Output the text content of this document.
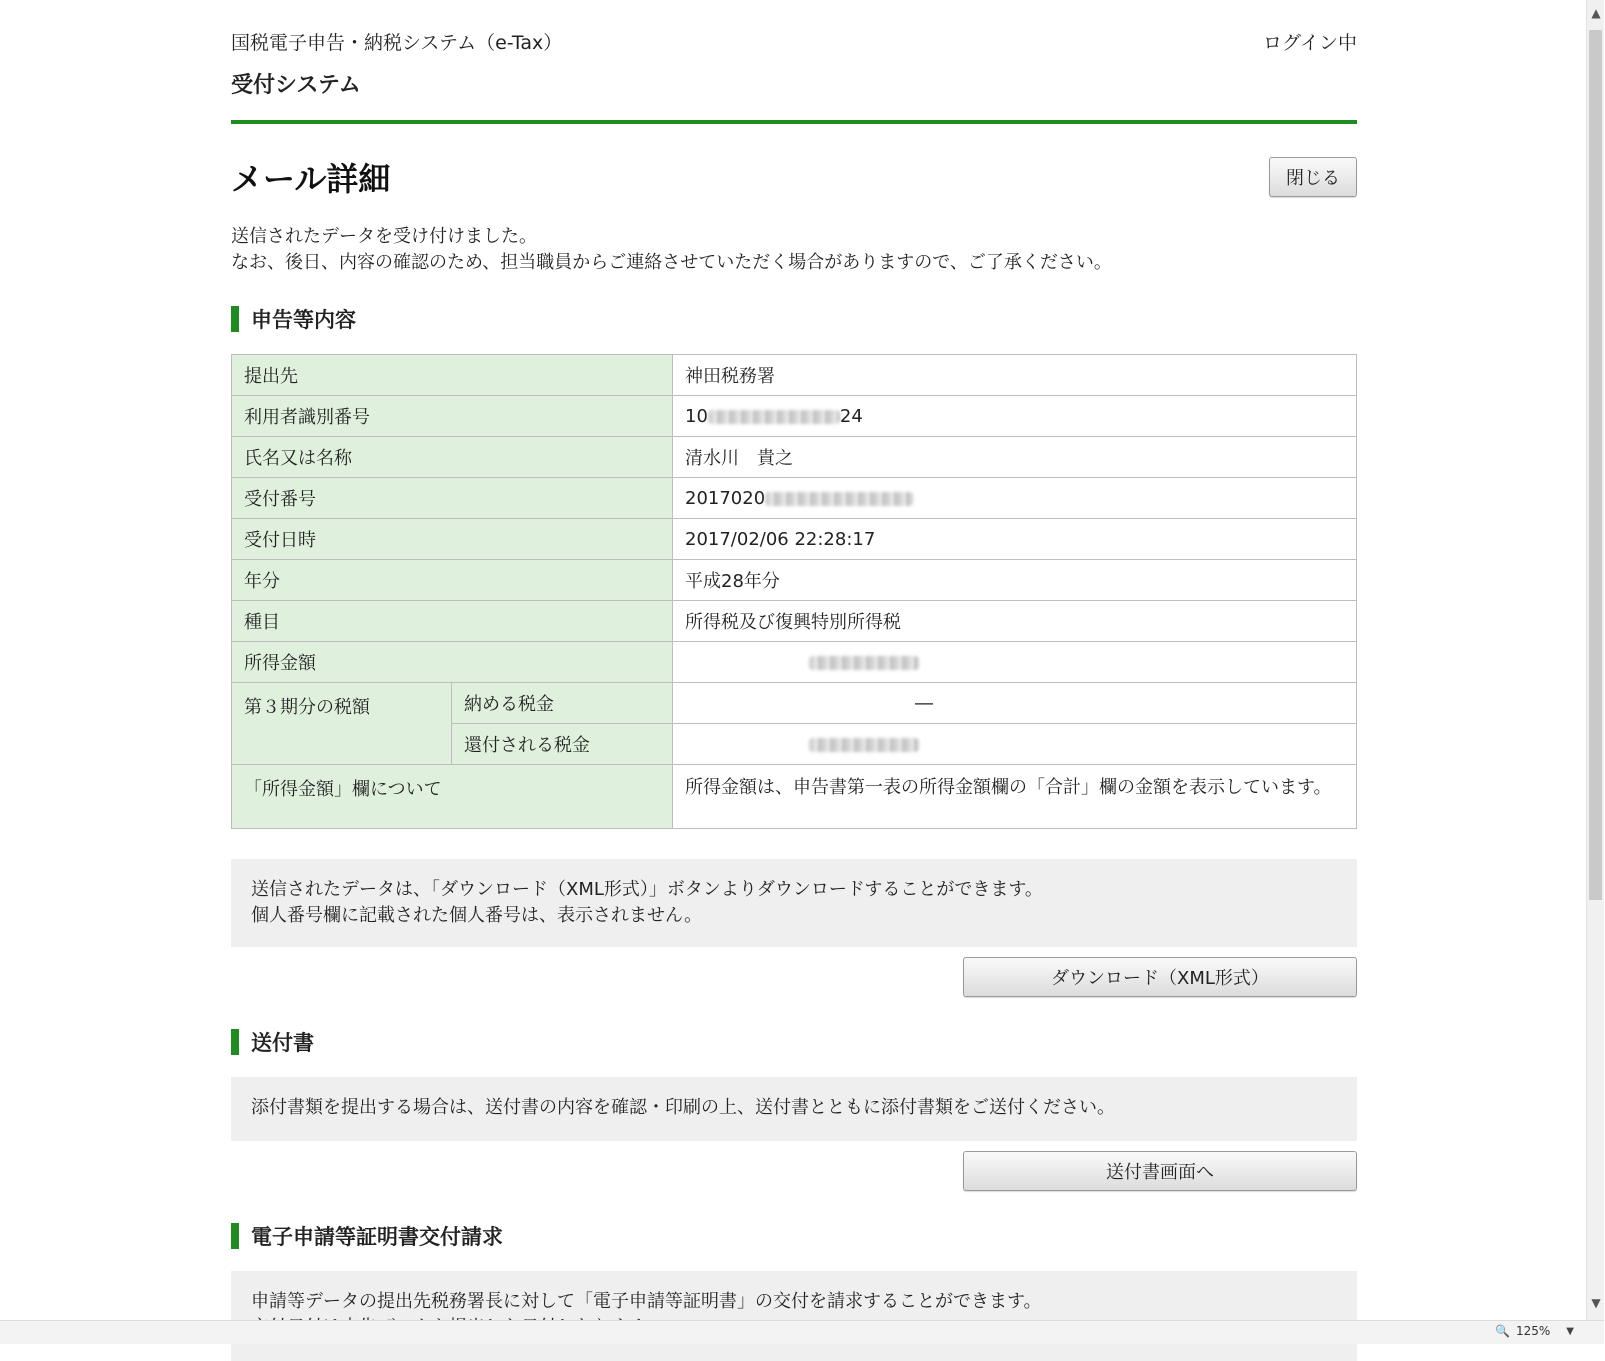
国税電子申告・納税システム（e-Tax）	ログイン中
受付システム
メール詳細	閉じる
送信されたデータを受け付けました。
なお、後日、内容の確認のため、担当職員からご連絡させていただく場合がありますので、ご了承ください。
申告等内容
提出先		神田税務署
利用者識別番号		10 24
氏名又は名称		清水川　貴之
受付番号		2017020
受付日時		2017/02/06 22:28:17
年分		平成28年分
種目		所得税及び復興特別所得税
所得金額		
第３期分の税額	納める税金	―
	還付される税金	
「所得金額」欄について		所得金額は、申告書第一表の所得金額欄の「合計」欄の金額を表示しています。
送信されたデータは、「ダウンロード（XML形式）」ボタンよりダウンロードすることができます。
個人番号欄に記載された個人番号は、表示されません。
ダウンロード（XML形式）
送付書
添付書類を提出する場合は、送付書の内容を確認・印刷の上、送付書とともに添付書類をご送付ください。
送付書画面へ
電子申請等証明書交付請求
申請等データの提出先税務署長に対して「電子申請等証明書」の交付を請求することができます。
▲
▼
🔍 125% ▼
